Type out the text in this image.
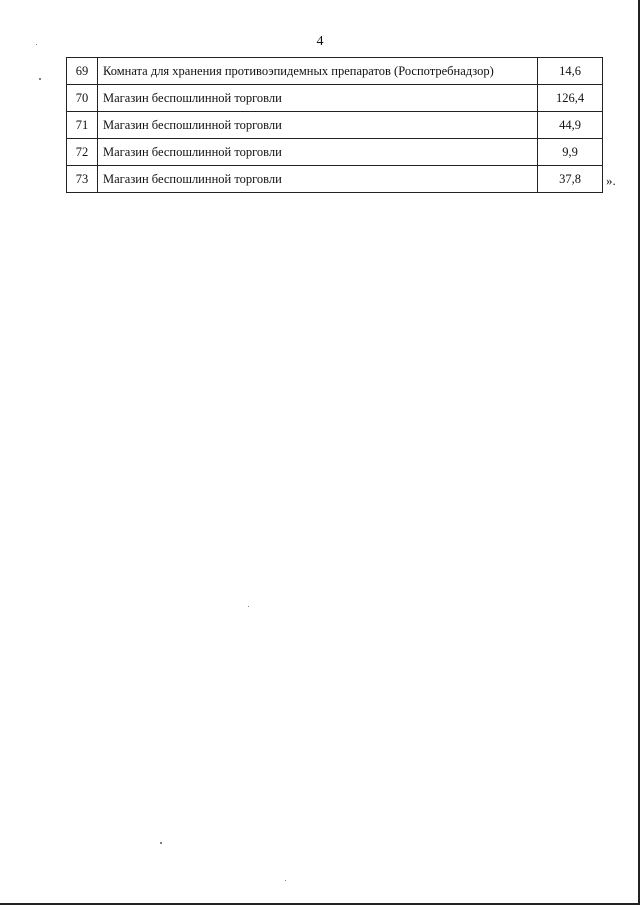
4
69	Комната для хранения противоэпидемных препаратов (Роспотребнадзор)	14,6
70	Магазин беспошлинной торговли	126,4
71	Магазин беспошлинной торговли	44,9
72	Магазин беспошлинной торговли	9,9
73	Магазин беспошлинной торговли	37,8 ».
